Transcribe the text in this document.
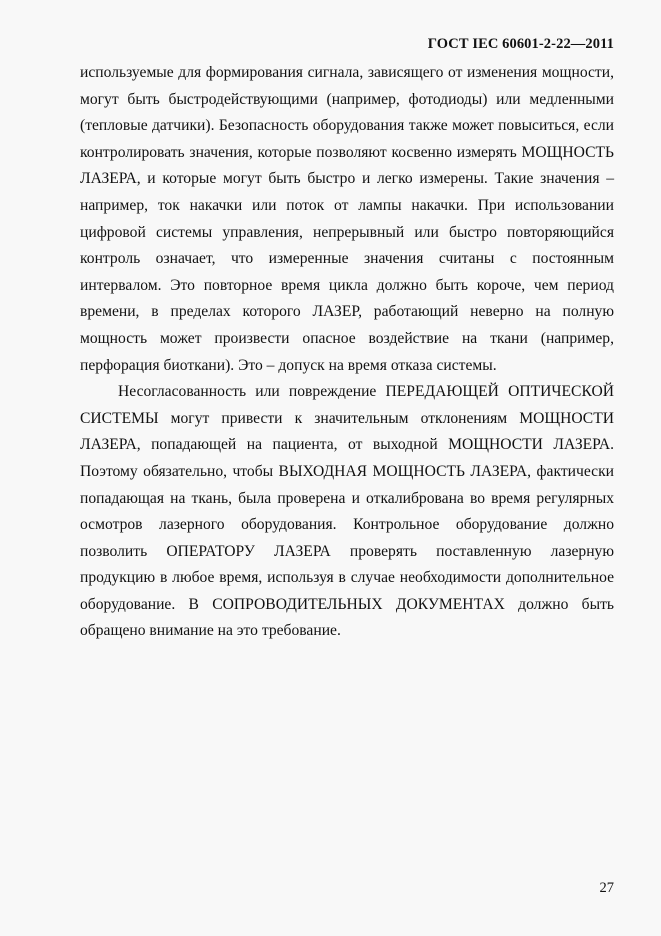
ГОСТ IEC 60601-2-22—2011
используемые для формирования сигнала, зависящего от изменения мощности,
могут быть быстродействующими (например, фотодиоды) или медленными
(тепловые датчики). Безопасность оборудования также может повыситься, если
контролировать значения, которые позволяют косвенно измерять МОЩНОСТЬ
ЛАЗЕРА, и которые могут быть быстро и легко измерены. Такие значения –
например, ток накачки или поток от лампы накачки. При использовании
цифровой системы управления, непрерывный или быстро повторяющийся
контроль означает, что измеренные значения считаны с постоянным
интервалом. Это повторное время цикла должно быть короче, чем период
времени, в пределах которого ЛАЗЕР, работающий неверно на полную
мощность может произвести опасное воздействие на ткани (например,
перфорация биоткани). Это – допуск на время отказа системы.
Несогласованность или повреждение ПЕРЕДАЮЩЕЙ ОПТИЧЕСКОЙ
СИСТЕМЫ могут привести к значительным отклонениям МОЩНОСТИ
ЛАЗЕРА, попадающей на пациента, от выходной МОЩНОСТИ ЛАЗЕРА.
Поэтому обязательно, чтобы ВЫХОДНАЯ МОЩНОСТЬ ЛАЗЕРА, фактически
попадающая на ткань, была проверена и откалибрована во время регулярных
осмотров лазерного оборудования. Контрольное оборудование должно
позволить ОПЕРАТОРУ ЛАЗЕРА проверять поставленную лазерную
продукцию в любое время, используя в случае необходимости дополнительное
оборудование. В СОПРОВОДИТЕЛЬНЫХ ДОКУМЕНТАХ должно быть
обращено внимание на это требование.
27
